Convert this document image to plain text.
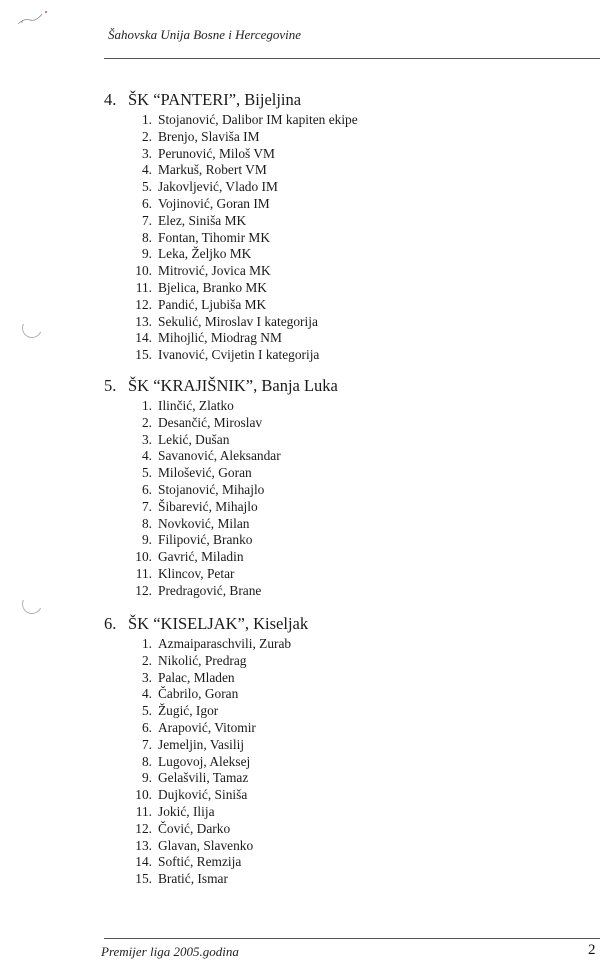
Šahovska Unija Bosne i Hercegovine
4. ŠK “PANTERI”, Bijeljina
1. Stojanović, Dalibor IM kapiten ekipe
2. Brenjo, Slaviša IM
3. Perunović, Miloš VM
4. Markuš, Robert VM
5. Jakovljević, Vlado IM
6. Vojinović, Goran IM
7. Elez, Siniša MK
8. Fontan, Tihomir MK
9. Leka, Željko MK
10. Mitrović, Jovica MK
11. Bjelica, Branko MK
12. Pandić, Ljubiša MK
13. Sekulić, Miroslav I kategorija
14. Mihojlić, Miodrag NM
15. Ivanović, Cvijetin I kategorija
5. ŠK “KRAJIŠNIK”, Banja Luka
1. Ilinčić, Zlatko
2. Desančić, Miroslav
3. Lekić, Dušan
4. Savanović, Aleksandar
5. Milošević, Goran
6. Stojanović, Mihajlo
7. Šibarević, Mihajlo
8. Novković, Milan
9. Filipović, Branko
10. Gavrić, Miladin
11. Klincov, Petar
12. Predragović, Brane
6. ŠK “KISELJAK”, Kiseljak
1. Azmaiparaschvili, Zurab
2. Nikolić, Predrag
3. Palac, Mladen
4. Čabrilo, Goran
5. Žugić, Igor
6. Arapović, Vitomir
7. Jemeljin, Vasilij
8. Lugovoj, Aleksej
9. Gelašvili, Tamaz
10. Dujković, Siniša
11. Jokić, Ilija
12. Čović, Darko
13. Glavan, Slavenko
14. Softić, Remzija
15. Bratić, Ismar
Premijer liga 2005.godina	2
